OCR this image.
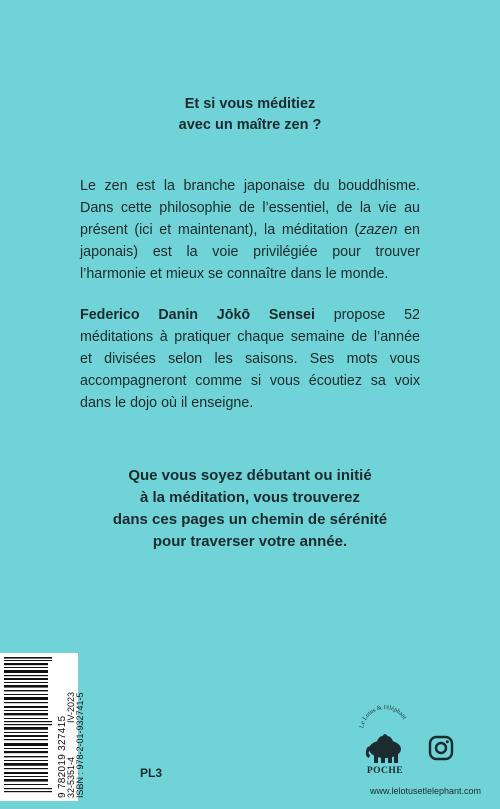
Et si vous méditiez
avec un maître zen ?
Le zen est la branche japonaise du bouddhisme. Dans cette philosophie de l’essentiel, de la vie au présent (ici et maintenant), la méditation (zazen en japonais) est la voie privilégiée pour trouver l’harmonie et mieux se connaître dans le monde.
Federico Danin Jōkō Sensei propose 52 méditations à pratiquer chaque semaine de l’année et divisées selon les saisons. Ses mots vous accompagneront comme si vous écoutiez sa voix dans le dojo où il enseigne.
Que vous soyez débutant ou initié
à la méditation, vous trouverez
dans ces pages un chemin de sérénité
pour traverser votre année.
9 782019 327415
32-5351-4
IV-2023 ISBN : 978-2-01-932741-5	PL3
Le Lotus & l'éléphant
POCHE
www.lelotusetlelephant.com
